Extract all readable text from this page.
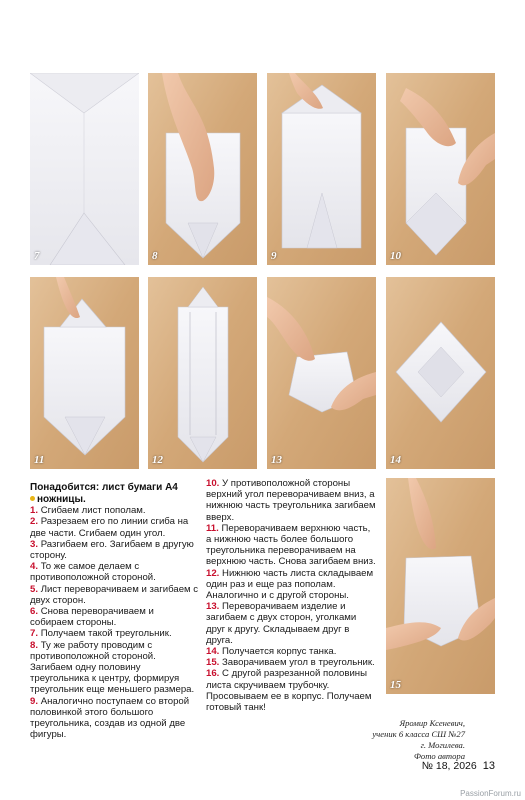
7	8	9	10
11	12	13	14
15

Понадобится: лист бумаги А4
ножницы.

1. Сгибаем лист пополам.

2. Разрезаем его по линии сгиба на две части. Сгибаем один угол.

3. Разгибаем его. Загибаем в другую сторону.

4. То же самое делаем с противоположной стороной.

5. Лист переворачиваем и загибаем с двух сторон.

6. Снова переворачиваем и собираем стороны.

7. Получаем такой треугольник.

8. Ту же работу проводим с противоположной стороной. Загибаем одну половину треугольника к центру, формируя треугольник еще меньшего размера.

9. Аналогично поступаем со второй половинкой этого большого треугольника, создав из одной две фигуры.

10. У противоположной стороны верхний угол переворачиваем вниз, а нижнюю часть треугольника загибаем вверх.

11. Переворачиваем верхнюю часть, а нижнюю часть более большого треугольника переворачиваем на верхнюю часть. Снова загибаем вниз.

12. Нижнюю часть листа складываем один раз и еще раз пополам. Аналогично и с другой стороны.

13. Переворачиваем изделие и загибаем с двух сторон, уголками друг к другу. Складываем друг в друга.

14. Получается корпус танка.

15. Заворачиваем угол в треугольник.

16. С другой разрезанной половины листа скручиваем трубочку. Просовываем ее в корпус. Получаем готовый танк!

Яромир Ксеневич,
ученик 6 класса СШ №27
г. Могилева.
Фото автора
№ 18, 2026 13
PassionForum.ru
